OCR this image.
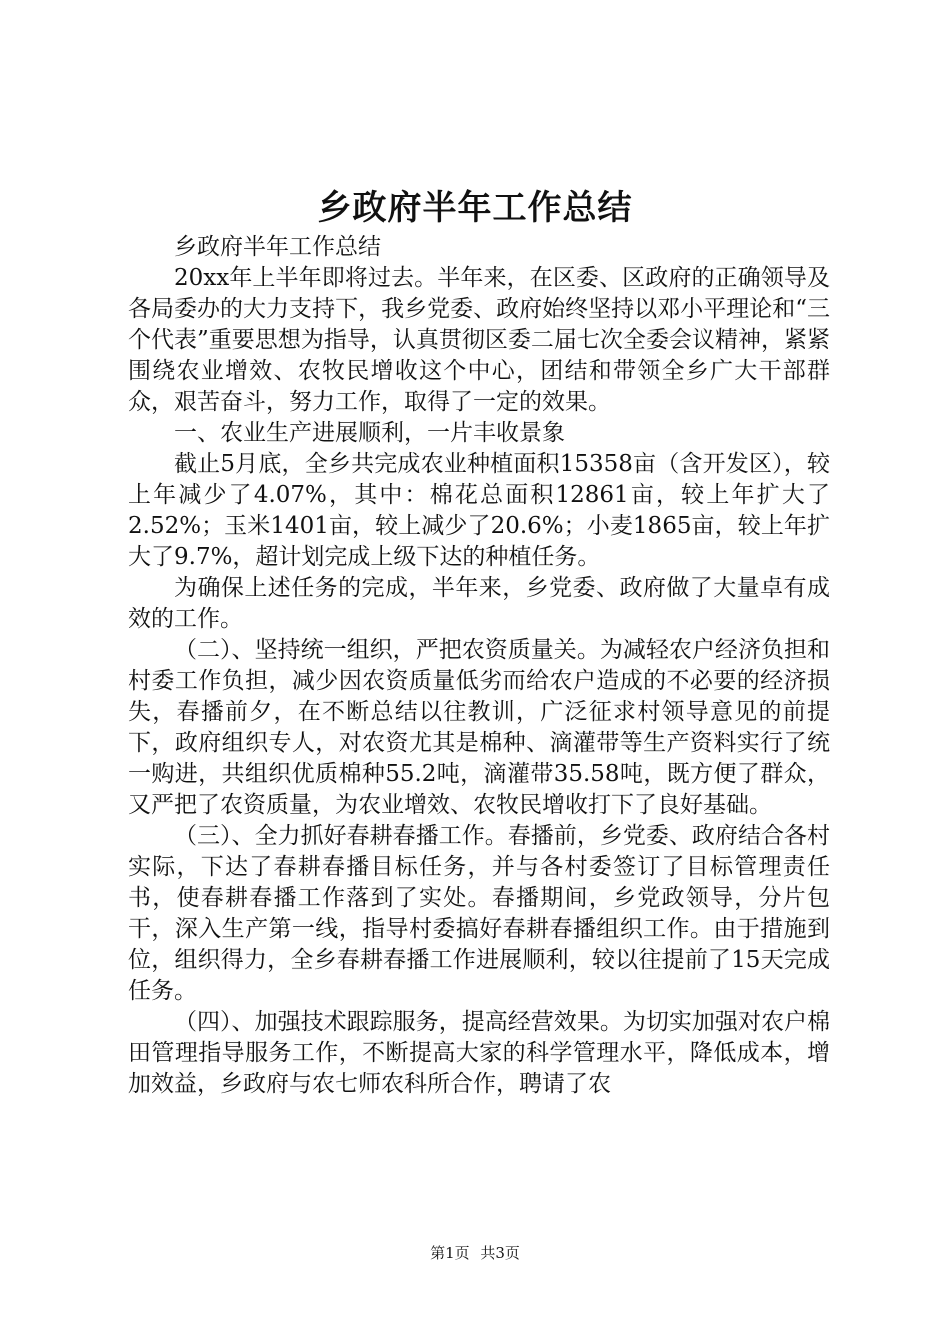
乡政府半年工作总结

乡政府半年工作总结

20xx年上半年即将过去。半年来，在区委、区政府的正确领导及各局委办的大力支持下，我乡党委、政府始终坚持以邓小平理论和“三个代表”重要思想为指导，认真贯彻区委二届七次全委会议精神，紧紧围绕农业增效、农牧民增收这个中心，团结和带领全乡广大干部群众，艰苦奋斗，努力工作，取得了一定的效果。

一、农业生产进展顺利，一片丰收景象

截止5月底，全乡共完成农业种植面积15358亩（含开发区），较上年减少了4.07%，其中：棉花总面积12861亩，较上年扩大了2.52%；玉米1401亩，较上减少了20.6%；小麦1865亩，较上年扩大了9.7%，超计划完成上级下达的种植任务。

为确保上述任务的完成，半年来，乡党委、政府做了大量卓有成效的工作。

（二）、坚持统一组织，严把农资质量关。为减轻农户经济负担和村委工作负担，减少因农资质量低劣而给农户造成的不必要的经济损失，春播前夕，在不断总结以往教训，广泛征求村领导意见的前提下，政府组织专人，对农资尤其是棉种、滴灌带等生产资料实行了统一购进，共组织优质棉种55.2吨，滴灌带35.58吨，既方便了群众，又严把了农资质量，为农业增效、农牧民增收打下了良好基础。

（三）、全力抓好春耕春播工作。春播前，乡党委、政府结合各村实际，下达了春耕春播目标任务，并与各村委签订了目标管理责任书，使春耕春播工作落到了实处。春播期间，乡党政领导，分片包干，深入生产第一线，指导村委搞好春耕春播组织工作。由于措施到位，组织得力，全乡春耕春播工作进展顺利，较以往提前了15天完成任务。

（四）、加强技术跟踪服务，提高经营效果。为切实加强对农户棉田管理指导服务工作，不断提高大家的科学管理水平，降低成本，增加效益，乡政府与农七师农科所合作，聘请了农

第1页 共3页
